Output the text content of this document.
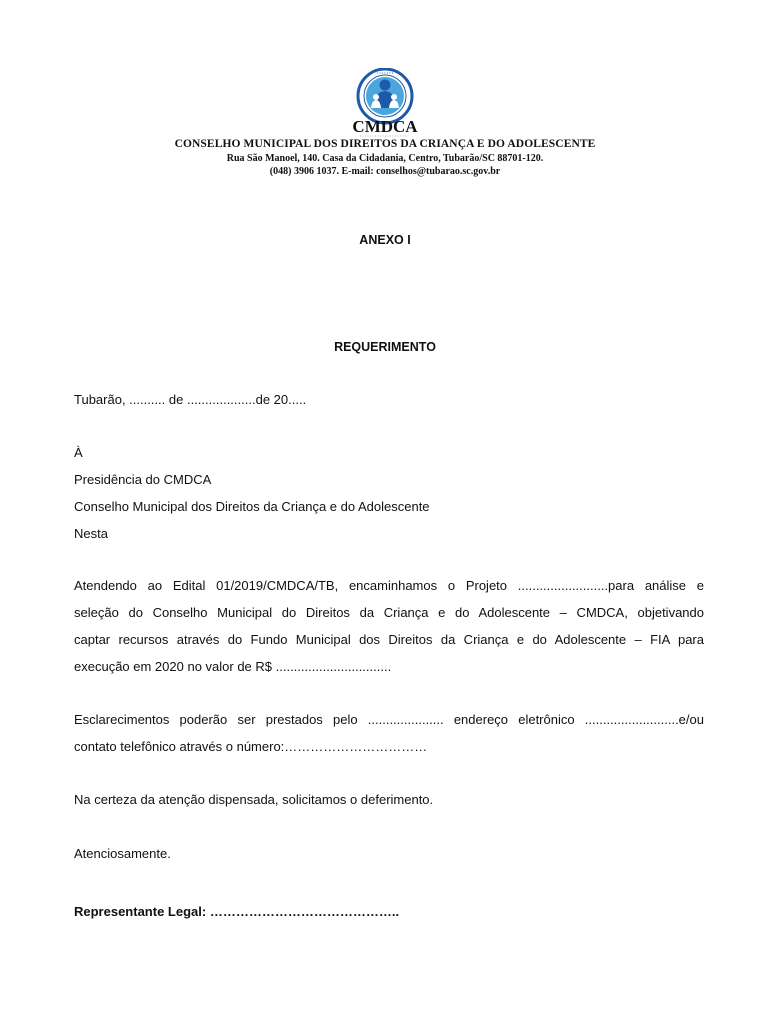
• • • • • • •
CMDCA
CONSELHO MUNICIPAL DOS DIREITOS DA CRIANÇA E DO ADOLESCENTE
Rua São Manoel, 140. Casa da Cidadania, Centro, Tubarão/SC 88701-120.
(048) 3906 1037. E-mail: conselhos@tubarao.sc.gov.br
ANEXO I
REQUERIMENTO
Tubarão, .......... de ...................de 20.....
À
Presidência do CMDCA
Conselho Municipal dos Direitos da Criança e do Adolescente
Nesta
Atendendo ao Edital 01/2019/CMDCA/TB, encaminhamos o Projeto .........................para análise e
seleção do Conselho Municipal do Direitos da Criança e do Adolescente – CMDCA, objetivando
captar recursos através do Fundo Municipal dos Direitos da Criança e do Adolescente – FIA para
execução em 2020 no valor de R$ ................................
Esclarecimentos poderão ser prestados pelo ..................... endereço eletrônico ..........................e/ou
contato telefônico através o número:……………………………
Na certeza da atenção dispensada, solicitamos o deferimento.
Atenciosamente.
Representante Legal: ……………………………………..
